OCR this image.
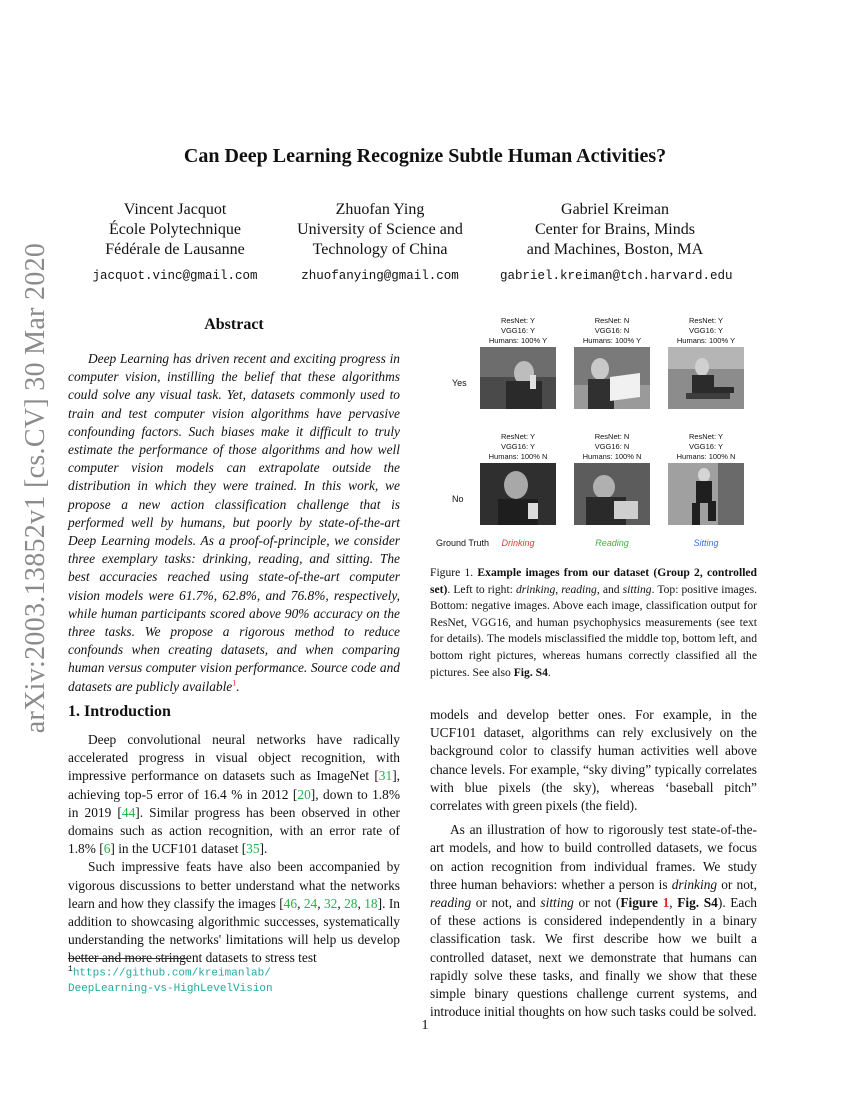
arXiv:2003.13852v1 [cs.CV] 30 Mar 2020
Can Deep Learning Recognize Subtle Human Activities?
Vincent Jacquot
École Polytechnique
Fédérale de Lausanne
jacquot.vinc@gmail.com
Zhuofan Ying
University of Science and
Technology of China
zhuofanying@gmail.com
Gabriel Kreiman
Center for Brains, Minds
and Machines, Boston, MA
gabriel.kreiman@tch.harvard.edu
Abstract

Deep Learning has driven recent and exciting progress in computer vision, instilling the belief that these algorithms could solve any visual task. Yet, datasets commonly used to train and test computer vision algorithms have pervasive confounding factors. Such biases make it difficult to truly estimate the performance of those algorithms and how well computer vision models can extrapolate outside the distribution in which they were trained. In this work, we propose a new action classification challenge that is performed well by humans, but poorly by state-of-the-art Deep Learning models. As a proof-of-principle, we consider three exemplary tasks: drinking, reading, and sitting. The best accuracies reached using state-of-the-art computer vision models were 61.7%, 62.8%, and 76.8%, respectively, while human participants scored above 90% accuracy on the three tasks. We propose a rigorous method to reduce confounds when creating datasets, and when comparing human versus computer vision performance. Source code and datasets are publicly available$^1$.

Yes
No
Ground Truth
ResNet: Y
VGG16: Y
Humans: 100% Y
ResNet: N
VGG16: N
Humans: 100% Y
ResNet: Y
VGG16: Y
Humans: 100% Y
ResNet: Y
VGG16: Y
Humans: 100% N
ResNet: N
VGG16: N
Humans: 100% N
ResNet: Y
VGG16: Y
Humans: 100% N
Drinking	Reading	Sitting
Figure 1. Example images from our dataset (Group 2, controlled set). Left to right: drinking, reading, and sitting. Top: positive images. Bottom: negative images. Above each image, classification output for ResNet, VGG16, and human psychophysics measurements (see text for details). The models misclassified the middle top, bottom left, and bottom right pictures, whereas humans correctly classified all the pictures. See also Fig. S4.
1. Introduction

Deep convolutional neural networks have radically accelerated progress in visual object recognition, with impressive performance on datasets such as ImageNet [31], achieving top-5 error of 16.4 % in 2012 [20], down to 1.8% in 2019 [44]. Similar progress has been observed in other domains such as action recognition, with an error rate of 1.8% [6] in the UCF101 dataset [35].

Such impressive feats have also been accompanied by vigorous discussions to better understand what the networks learn and how they classify the images [46, 24, 32, 28, 18]. In addition to showcasing algorithmic successes, systematically understanding the networks' limitations will help us develop better and more stringent datasets to stress test

models and develop better ones. For example, in the UCF101 dataset, algorithms can rely exclusively on the background color to classify human activities well above chance levels. For example, “sky diving” typically correlates with blue pixels (the sky), whereas ‘baseball pitch” correlates with green pixels (the field).

As an illustration of how to rigorously test state-of-the-art models, and how to build controlled datasets, we focus on action recognition from individual frames. We study three human behaviors: whether a person is drinking or not, reading or not, and sitting or not (Figure 1, Fig. S4). Each of these actions is considered independently in a binary classification task. We first describe how we built a controlled dataset, next we demonstrate that humans can rapidly solve these tasks, and finally we show that these simple binary questions challenge current systems, and introduce initial thoughts on how such tasks could be solved.

$^1$https://github.com/kreimanlab/
DeepLearning-vs-HighLevelVision
1
